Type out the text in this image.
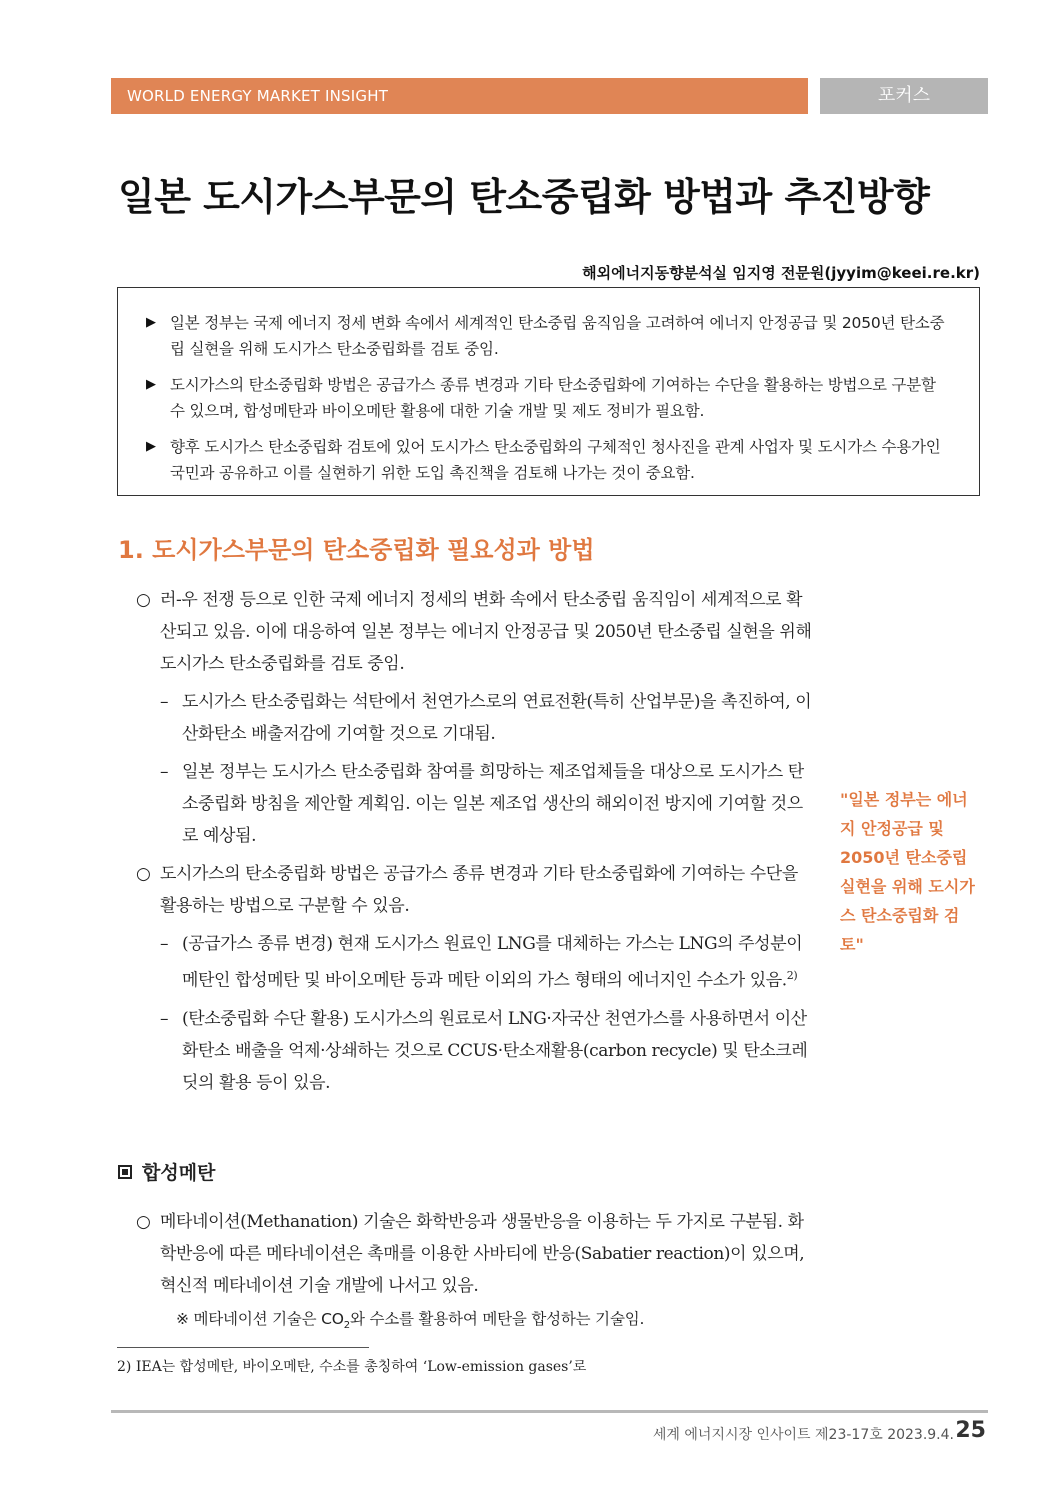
WORLD ENERGY MARKET INSIGHT	포커스
일본 도시가스부문의 탄소중립화 방법과 추진방향
해외에너지동향분석실 임지영 전문원(jyyim@keei.re.kr)
▶ 일본 정부는 국제 에너지 정세 변화 속에서 세계적인 탄소중립 움직임을 고려하여 에너지 안정공급 및 2050년 탄소중립 실현을 위해 도시가스 탄소중립화를 검토 중임.
▶ 도시가스의 탄소중립화 방법은 공급가스 종류 변경과 기타 탄소중립화에 기여하는 수단을 활용하는 방법으로 구분할 수 있으며, 합성메탄과 바이오메탄 활용에 대한 기술 개발 및 제도 정비가 필요함.
▶ 향후 도시가스 탄소중립화 검토에 있어 도시가스 탄소중립화의 구체적인 청사진을 관계 사업자 및 도시가스 수용가인 국민과 공유하고 이를 실현하기 위한 도입 촉진책을 검토해 나가는 것이 중요함.
1. 도시가스부문의 탄소중립화 필요성과 방법
○ 러-우 전쟁 등으로 인한 국제 에너지 정세의 변화 속에서 탄소중립 움직임이 세계적으로 확산되고 있음. 이에 대응하여 일본 정부는 에너지 안정공급 및 2050년 탄소중립 실현을 위해 도시가스 탄소중립화를 검토 중임.
– 도시가스 탄소중립화는 석탄에서 천연가스로의 연료전환(특히 산업부문)을 촉진하여, 이산화탄소 배출저감에 기여할 것으로 기대됨.
– 일본 정부는 도시가스 탄소중립화 참여를 희망하는 제조업체들을 대상으로 도시가스 탄소중립화 방침을 제안할 계획임. 이는 일본 제조업 생산의 해외이전 방지에 기여할 것으로 예상됨.
○ 도시가스의 탄소중립화 방법은 공급가스 종류 변경과 기타 탄소중립화에 기여하는 수단을 활용하는 방법으로 구분할 수 있음.
– (공급가스 종류 변경) 현재 도시가스 원료인 LNG를 대체하는 가스는 LNG의 주성분이 메탄인 합성메탄 및 바이오메탄 등과 메탄 이외의 가스 형태의 에너지인 수소가 있음.$^{2)}$
– (탄소중립화 수단 활용) 도시가스의 원료로서 LNG·자국산 천연가스를 사용하면서 이산화탄소 배출을 억제·상쇄하는 것으로 CCUS·탄소재활용(carbon recycle) 및 탄소크레딧의 활용 등이 있음.

"일본 정부는 에너지 안정공급 및 2050년 탄소중립 실현을 위해 도시가스 탄소중립화 검토"

합성메탄
○ 메타네이션(Methanation) 기술은 화학반응과 생물반응을 이용하는 두 가지로 구분됨. 화학반응에 따른 메타네이션은 촉매를 이용한 사바티에 반응(Sabatier reaction)이 있으며, 혁신적 메타네이션 기술 개발에 나서고 있음.
※ 메타네이션 기술은 $CO_2$와 수소를 활용하여 메탄을 합성하는 기술임.
2) IEA는 합성메탄, 바이오메탄, 수소를 총칭하여 ‘Low-emission gases’로
세계 에너지시장 인사이트 제23-17호 2023.9.4. 25
